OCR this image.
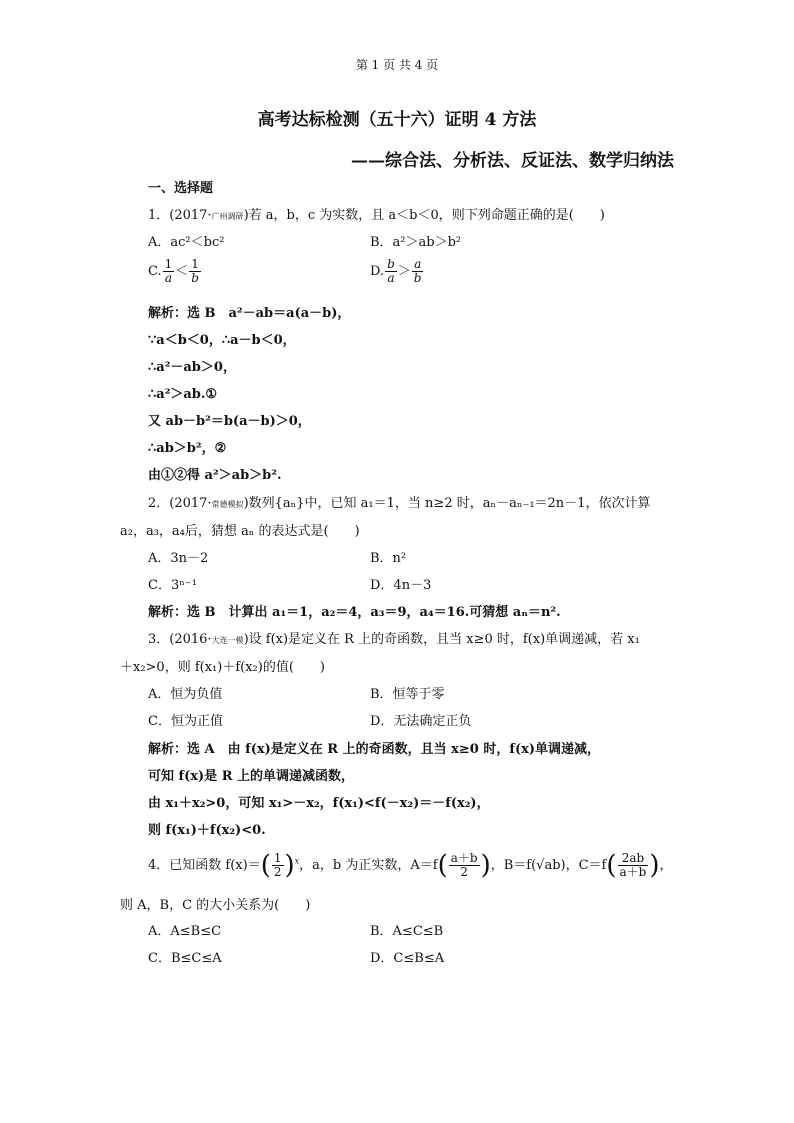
第 1 页 共 4 页
高考达标检测（五十六）证明 4 方法
——综合法、分析法、反证法、数学归纳法
一、选择题
1．(2017·广州调研)若 a，b，c 为实数，且 a＜b＜0，则下列命题正确的是(　　)
A．ac²＜bc²	B．a²＞ab＞b²
C. $\frac{1}{a} < \frac{1}{b}$	D. $\frac{b}{a} > \frac{a}{b}$
解析：选 B　a²－ab＝a(a－b)，
∵a＜b＜0，∴a－b＜0，
∴a²－ab＞0，
∴a²＞ab.①
又 ab－b²＝b(a－b)＞0，
∴ab＞b²，②
由①②得 a²＞ab＞b².
2．(2017·常德模拟)数列{aₙ}中，已知 a₁＝1，当 n≥2 时，aₙ－aₙ₋₁＝2n－1，依次计算
a₂，a₃，a₄后，猜想 aₙ 的表达式是(　　)
A．3n－2	B．n²
C．3ⁿ⁻¹	D．4n－3
解析：选 B　计算出 a₁＝1，a₂＝4，a₃＝9，a₄＝16.可猜想 aₙ＝n².
3．(2016·大连一模)设 f(x)是定义在 R 上的奇函数，且当 x≥0 时，f(x)单调递减，若 x₁
＋x₂>0，则 f(x₁)＋f(x₂)的值(　　)
A．恒为负值	B．恒等于零
C．恒为正值	D．无法确定正负
解析：选 A　由 f(x)是定义在 R 上的奇函数，且当 x≥0 时，f(x)单调递减，
可知 f(x)是 R 上的单调递减函数，
由 x₁＋x₂>0，可知 x₁>－x₂，f(x₁)<f(－x₂)＝－f(x₂)，
则 f(x₁)＋f(x₂)<0.
4．已知函数 $f(x)=( \frac{1}{2} )^x$，a，b 为正实数，$A=f( \frac{a+b}{2}$ )，B＝f(√ab)，$C=f( \frac{2ab}{a+b}$ )，
则 A，B，C 的大小关系为(　　)
A．A≤B≤C	B．A≤C≤B
C．B≤C≤A	D．C≤B≤A
